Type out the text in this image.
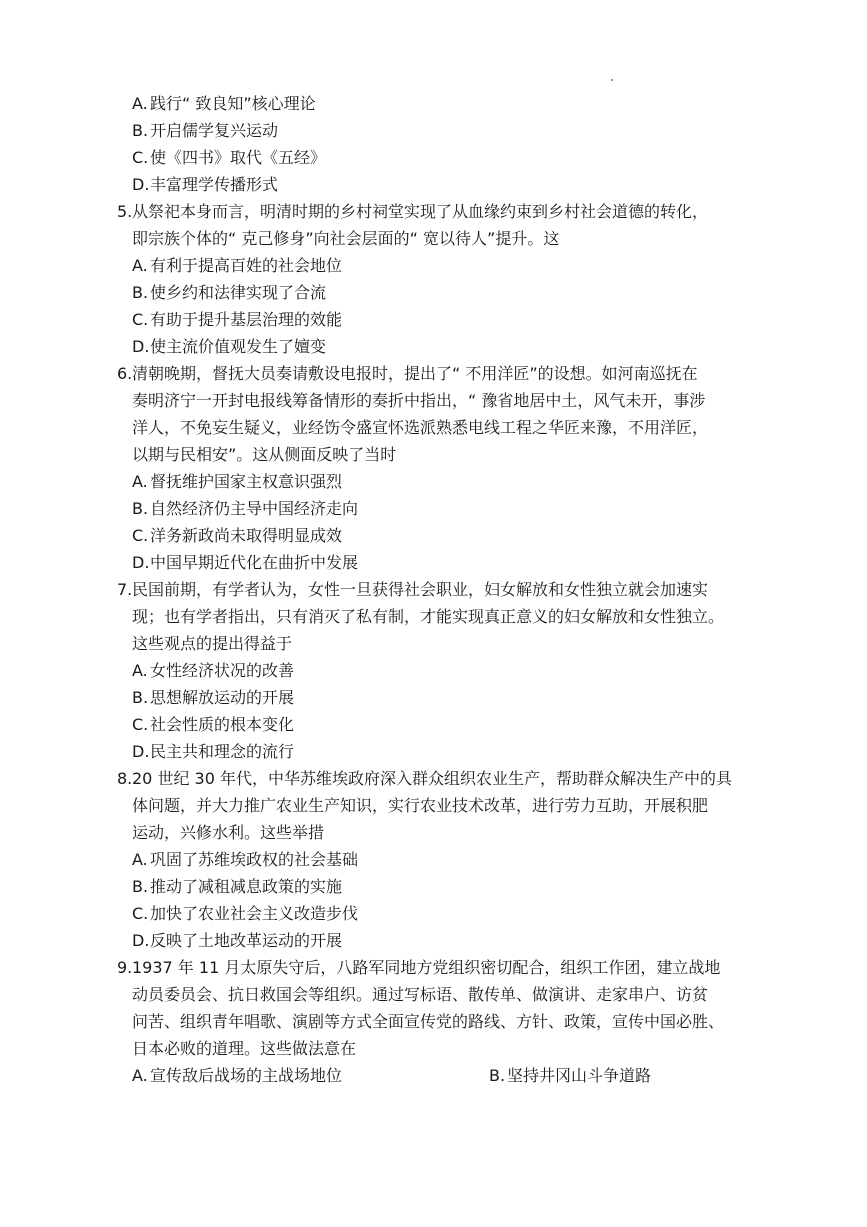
A. 践行“ 致良知”核心理论
B. 开启儒学复兴运动
C. 使《四书》取代《五经》
D.丰富理学传播形式
5. 从祭祀本身而言，明清时期的乡村祠堂实现了从血缘约束到乡村社会道德的转化，
即宗族个体的“ 克己修身”向社会层面的“ 宽以待人”提升。这
A. 有利于提高百姓的社会地位
B. 使乡约和法律实现了合流
C. 有助于提升基层治理的效能
D.使主流价值观发生了嬗变
6. 清朝晚期，督抚大员奏请敷设电报时，提出了“ 不用洋匠”的设想。如河南巡抚在
奏明济宁一开封电报线筹备情形的奏折中指出，“ 豫省地居中土，风气未开，事涉
洋人，不免妄生疑义，业经饬令盛宣怀选派熟悉电线工程之华匠来豫，不用洋匠，
以期与民相安”。这从侧面反映了当时
A. 督抚维护国家主权意识强烈
B. 自然经济仍主导中国经济走向
C. 洋务新政尚未取得明显成效
D.中国早期近代化在曲折中发展
7. 民国前期，有学者认为，女性一旦获得社会职业，妇女解放和女性独立就会加速实
现；也有学者指出，只有消灭了私有制，才能实现真正意义的妇女解放和女性独立。
这些观点的提出得益于
A. 女性经济状况的改善
B. 思想解放运动的开展
C. 社会性质的根本变化
D.民主共和理念的流行
8. 20 世纪 30 年代，中华苏维埃政府深入群众组织农业生产，帮助群众解决生产中的具
体问题，并大力推广农业生产知识，实行农业技术改革，进行劳力互助，开展积肥
运动，兴修水利。这些举措
A. 巩固了苏维埃政权的社会基础
B. 推动了减租减息政策的实施
C. 加快了农业社会主义改造步伐
D.反映了土地改革运动的开展
9. 1937 年 11 月太原失守后，八路军同地方党组织密切配合，组织工作团，建立战地
动员委员会、抗日救国会等组织。通过写标语、散传单、做演讲、走家串户、访贫
问苦、组织青年唱歌、演剧等方式全面宣传党的路线、方针、政策，宣传中国必胜、
日本必败的道理。这些做法意在
A. 宣传敌后战场的主战场地位	B. 坚持井冈山斗争道路
